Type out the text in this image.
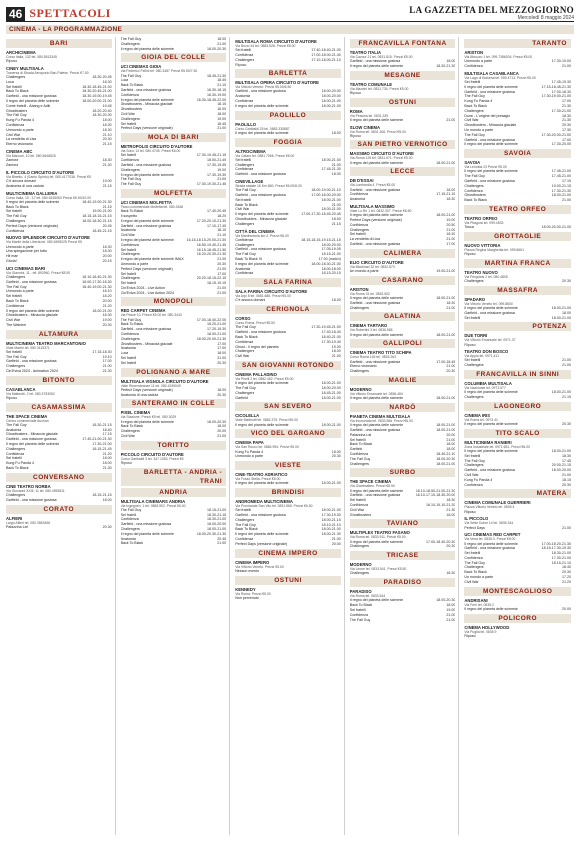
46 SPETTACOLI	LA GAZZETTA DEL MEZZOGIORNO
Mercoledì 8 maggio 2024
CINEMA - LA PROGRAMMAZIONE
BARI
ARCHICINEMA
Corso Italia, 132 tel. 080.5513345
Riposo
CINEY MULTISALA
Traversa di Strada Aeroporto Bari-Palese. Prezzi €7.50
Challengers	18.30-20.45
Luca	18.30
Sei fratelli	18.30-18.45-21.00
Back To Black	18.30-20.45-21.00
Garfield - una missione gustosa	18.30-19.00-19.45
Il regno del pianeta delle scimmie	18.00-20.00-21.00
Come fratelli - Abang e Adik	19.45
Ghostbusters	18.20-20.40
The Fall Guy	18.30-20.30
Kung Fu Panda 4	18.00
Confidenza	18.30
Unmondo a parte	18.30
Civil War	21.10
La vendetta di Lisa	20.30
Eterno visionario	21.15
CINEMA ABC
Via Marconi, 10 tel. 080.5648826
Zamora	18.30
Zamora	21.30
IL PICCOLO CIRCUITO D'AUTORE
Via Binetto, 4 (Santo Spirito) tel. 080.4177036. Prezzi €5
C'è ancora domani	19.00
Anatomia di una caduta	21.15
MULTICINEMA GALLERIA
Corso Italia, 15 - 17 tel. 080.5245063 Prezzi €6.50/10.00
Il regno del pianeta delle scimmie	18.40-19.00-21.30
Back To Black	21.15
Sei fratelli	19.00-21.00
The Fall Guy	18.15-18.15-21.15
Challengers	18.00-18.30-21.15
Perfect Days (versione originale)	20.45
Confidenza	18.45-21.15
NUOVO SPLENDOR CIRCUITO D'AUTORE
Via Martiri della Libertà tel. 080.5495028 Prezzi €5
Unmondo a parte	18.30
Una spiegazione per tutto	18.30
Hit man	20.00
Gloria!	20.15
UCI CINEMAS BARI
Via Giannini, 11 - tel. 892960. Prezzi €8.50
Challengers	16.10-18.40-21.30
Garfield - una missione gustosa	16.00-17.30-18.30
The Fall Guy	16.40-19.00-21.30
Unmondo a parte	18.10
Sei fratelli	18.20
Back To Black	20.00
Confidenza	21.20
Il regno del pianeta delle scimmie	18.00-21.00
Ghostbusters - Minaccia glaciale	16.30
Civil War	19.00
The Watcher	20.30
ALTAMURA
MULTICINEMA TEATRO MARCANTONIO
Viale Martiri tel. 080.3115371
Sei fratelli	17.15-18.30
The Fall Guy	19.10
Garfield - una missione gustosa	17.00
Challengers	21.00
Cin'Eviva 2024 - Animation 2024	21.30
BITONTO
CASABLANCA
Via Matteotti, 2 tel. 080.3753052
Riposo
CASAMASSIMA
THE SPACE CINEMA
Centro commerciale Auchan
The Fall Guy	18.30-21.15
Anatomia	18.40
Ghostbusters - Minaccia glaciale	17.15
Garfield - una missione gustosa	17.40-21.00-21.30
Il regno del pianeta delle scimmie	17.30-21.00
Challengers	18.15-21.45
Confidenza	21.20
Sei fratelli	18.00
Kung Fu Panda 4	18.00
Back To Black	21.30
CONVERSANO
CINE TEATRO NORBA
Via Giovanni XXIII, 11 tel. 080.4953511
Challengers	18.15-21.15
Garfield - una missione gustosa	18.00
CORATO
ALFIERI
Largo Alfieri tel. 080.3583456
Palazzina Laf	20.30
The Fall Guy	18.00
Challengers	21.00
Il regno del pianeta delle scimmie	18.00-20.30
GIOIA DEL COLLE
UCI CINEMAS GIOIA
Via Federico Fellini tel. 080.3487 Prezzi €5.50/7.50
The Fall Guy	18.45-21.30
Luca	18.45
Back To Black	21.10
Garfield - una missione gustosa	16.30-18.15
Confidenza	16.30-19.00
Il regno del pianeta delle scimmie	16.30-18.45-22.00
Ghostbusters - Minaccia glaciale	18.15
Ghostbusters	16.00
Civil War	18.00
Challengers	19.00
Sei fratelli	18.45
Perfect Days (versione originale)	21.00
MOLA DI BARI
METROPOLIS CIRCUITO D'AUTORE
Via Sono 13 tel. 080.4745. Prezzi €6.00
Sei fratelli	17.30-19.45-21.15
Confidenza	18.00-21.45
Garfield - una missione gustosa	17.30-19.45
Challengers	19.00
Il regno del pianeta delle scimmie	17.30-19.30
The Fall Guy	21.00
The Fall Guy	17.00-19.30-21.45
MOLFETTA
UCI CINEMAS MOLFETTA
Parco commerciale Molfetta tel. 080.3348
Back To Black	17.40-20.45
Il sospetto	18.20
Il regno del pianeta delle scimmie	17.20-20.10-21.30
Garfield - una missione gustosa	17.10-17.45
Anatomia	18.10
Civil War	21.10
Il regno del pianeta delle scimmie	16.15-18.15-20.00-21.30
Confidenza	16.50-19.40-21.45
Sei fratelli	16.15-18.45-21.50
Challengers	16.20-20.30-21.30
Il regno del pianeta delle scimmie IMAX	21.00
Unmondo a parte	20.30
Perfect Days (versione originale)	21.00
Sei fratelli	17.00
Challengers	20.20-18.15-22.15
Sei fratelli	18.15-19.15
Cin'Eviva 2024 - Live Action	21.00
Cin'Eviva 2024 - Live Action 2024	21.00
MONOPOLI
RED CARPET CINEMA
Via Pesce 10. Prezzi €5.00 tel. 080.3443
The Fall Guy	17.00-18.40-22.00
Back To Black	18.20-21.00
Garfield - una missione gustosa	17.20-19.30
Confidenza	18.00-21.00
Challengers	18.00-20.00-21.30
Ghostbusters - Minaccia glaciale	17.00
Anatomia	17.00
Luca	18.00
Sei fratelli	21.00
Sei fratelli	20.30
POLIGNANO A MARE
MULTISALA VIGNOLA CIRCUITO D'AUTORE
Viale Rimembranze 11 tel. 080.4249049
Perfect Days (versione originale)	18.00
Anatomia di una caduta	20.30
SANTERAMO IN COLLE
PIXEL CINEMA
Via Stazione. Prezzi €5 tel. 080.3029
Il regno del pianeta delle scimmie	18.00-20.30
Back To Black	18.00
Challengers	20.00
Civil War	21.00
TORITTO
PICCOLO CIRCUITO D'AUTORE
Corso Garibaldi 3 tel. 347.1053. Prezzi €5
Riposo
BARLETTA - ANDRIA - TRANI
ANDRIA
MULTISALA CINEMARS ANDRIA
Via Ingegneri, 1 tel. 0883.592. Prezzi €6.00
The Fall Guy	18.15-21.00
Sei fratelli	18.30-21.15
Confidenza	18.30-21.00
Garfield - una missione gustosa	18.00-20.00
Challengers	18.00-21.00
Il regno del pianeta delle scimmie	18.00-20.30-21.30
Anatomia	20.45
Back To Black	21.00
MULTISALA ROMA CIRCUITO D'AUTORE
Via Bovio 44 tel. 0883.528. Prezzi €5.00
Sei fratelli	17.40-18.40-21.00
Confidenza	17.00-18.00-21.40
Challengers	17.10-18.00-21.10
Riposo
BARLETTA
MULTISALA OPERA CIRCUITO D'AUTORE
Via Vittorio Veneto. Prezzi €5.00/6.50
Garfield - una missione gustosa	18.00-20.00
Anatomia	18.00-20.00
Confidenza	18.00-21.00
Il regno del pianeta delle scimmie	18.00-21.00
PAOLILLO
PAOLILLO
Corso Garibaldi 25 tel. 0883.335887
Il regno del pianeta delle scimmie	18.00
FOGGIA
ALTROCINEMA
Via Cafaro tel. 0881.7066. Prezzi €5.00
Sei fratelli	18.00-21.00
Challengers	21.00
Confidenza	17.45-21.30
Garfield - una missione gustosa	18.00
CINEVILLAGE
Strada statale 16 Km 680. Prezzi €6.00/8.00
The Fall Guy	18.00-19.00-21.10
Garfield - una missione gustosa	17.00-18.00-20.00
Sei fratelli	18.00-21.00
Back To Black	21.00
Civil War	18.00-21.00
Il regno del pianeta delle scimmie	17.00-17.30-18.45-20.45
Ghostbusters - Minaccia glaciale	18.00
Challengers	21.15
CITTÀ DEL CINEMA
Via Manfredonia km 2. Prezzi €6.00
Confidenza	18.15-18.15-19.15-21.15
Challengers	18.00-20.00
Garfield - una missione gustosa	17.05-19.05
The Fall Guy	18.15-21.00
Back To Black IX	17.00 (match)
Il regno del pianeta delle scimmie	18.00-18.30-21.00
Anatomia	18.00-18.00
Confidenza	18.15-20.15
SALA FARINA
SALA FARINA CIRCUITO D'AUTORE
Via Arpi 8 tel. 0881.686. Prezzi €5.00
C'è ancora domani	18.00
CERIGNOLA
CORSO
Corso Roma. Prezzi €5.50
The Fall Guy	17.30-19.45-21.00
Garfield - una missione gustosa	17.40-18.40
Back To Black	18.40-21.00
Confidenza	17.30-19.40
Ghost - Il regno del pianeta	19.30
Challengers	18.00
Civil War	21.00
SAN GIOVANNI ROTONDO
CINEMA PALLADINO
Via Pirelli 2 tel. 0882.452. Prezzi €5.00
Il regno del pianeta delle scimmie	18.00-21.00
The Fall Guy	18.00-20.00
Challengers	18.45-21.00
Garfield	18.00-21.00
SAN SEVERO
CICOLELLA
Viale Matteotti tel. 0882.375. Prezzi €5.00
Il regno del pianeta delle scimmie	18.00-21.00
VICO DEL GARGANO
CINEMA PAPA
Via San Rocco tel. 0884.994. Prezzi €5.00
Kung Fu Panda 4	18.00
Unmondo a parte	20.30
VIESTE
CINE-TEATRO ADRIATICO
Via Fosso Stella. Prezzi €5.00
Il regno del pianeta delle scimmie	18.00-21.00
BRINDISI
ANDROMEDA MULTICINEMA
Via Provinciale San Vito tel. 0831.565. Prezzi €6.50
Sei fratelli	18.00-21.00
Garfield - una missione gustosa	17.30-19.30
Challengers	18.00-21.15
The Fall Guy	18.10-21.10
Back To Black	18.00-21.00
Il regno del pianeta delle scimmie	18.00-21.30
Confidenza	21.00
Perfect Days (versione originale)	20.00
CINEMA IMPERO
CINEMA IMPERO
Via Vittorio Veneto. Prezzi €5.00
Nessun evento
OSTUNI
KENNEDY
Via Roma. Prezzi €5.00
Non pervenuto
FRANCAVILLA FONTANA
TEATRO ITALIA
Via Cavour 21 tel. 0831.815. Prezzi €5.00
Garfield - una missione gustosa	18.00
Il regno del pianeta delle scimmie	18.30-21.30
MESAGNE
TEATRO COMUNALE
Via Mazzini tel. 0831.734. Prezzi €5.00
Riposo
OSTUNI
ROMA
Via Pessina tel. 0831.339
Il regno del pianeta delle scimmie	21.00
SLOW CINEMA
Via Roma tel. 0831.306. Prezzi €5.00
Riposo
SAN PIETRO VERNOTICO
MASSIMO CIRCUITO D'AUTORE
Via Roma 125 tel. 0831.671. Prezzi €5.00
Il regno del pianeta delle scimmie	18.00-21.00
LECCE
DB D'ESSAI
Via Lombardia 4. Prezzi €5.00
Garfield - una missione gustosa	18.00
Confidenza	17.15-21.15
Anatomia	18.30
MULTISALA MASSIMO
Viale Lo Re 1 tel. 0832.307. Prezzi €6.50
Il regno del pianeta delle scimmie	18.00-21.00
Perfect Days (versione originale)	19.00
Confidenza	20.50
Challengers	21.00
Sei fratelli	18.30
La vendetta di Lisa	21.00
Garfield - una missione gustosa	17.00
CALIMERA
ELIO CIRCUITO D'AUTORE
Via Montinari 32 tel. 0832.873
Un mondo a parte	19.00-21.00
CASARANO
ARISTON
Via Roma 31 tel. 0833.502
Il regno del pianeta delle scimmie	18.00-21.00
Garfield - una missione gustosa	18.30
Challengers	21.00
GALATINA
CINEMA TARTARO
Via Robertini 3 tel. 0836.568
Il regno del pianeta delle scimmie	18.00-21.00
GALLIPOLI
CINEMA TEATRO TITO SCHIPA
Corso Roma 145 tel. 0833.263
Garfield - una missione gustosa	17.00-18.45
Eterno visionario	21.00
Challengers	20.30
MAGLIE
MODERNO
Via Vittorio Emanuele tel. 0836.484
Il regno del pianeta delle scimmie	18.00-21.00
NARDÒ
PIANETA CINEMA MULTISALA
Via Incoronata tel. 0833.566. Prezzi €6.00
Il regno del pianeta delle scimmie	18.00-21.00
Garfield - una missione gustosa	18.00-21.00
Palazzina Laf	20.00
Sei fratelli	21.00
Back To Black	18.00
Garfield	18.00
Confidenza	18.40-21.10
The Fall Guy	18.00-20.30
Challengers	18.00-21.00
SURBO
THE SPACE CINEMA
Via Giammatteo. Prezzi €8.50
Il regno del pianeta delle scimmie	18.10-18.50-21.00-21.30
Garfield - una missione gustosa	16.10-17.10-18.30-20.00
Sei fratelli	18.30
Confidenza	16.10-19.10-21.20
Civil War	21.30
Ghostbusters	18.00
TAVIANO
MULTIPLEX TEATRO FASANO
Via Roma tel. 0833.911. Prezzi €5.00
Il regno del pianeta delle scimmie	17.00-18.40-20.30
Challengers	20.30
TRICASE
MODERNO
Via Leone tel. 0833.541. Prezzi €5.50
Challengers	18.30
PARADISO
PARADISO
Via Roma tel. 0833.544
Il regno del pianeta delle scimmie	18.00-20.30
Back To Black	18.00
Sei fratelli	19.00
Confidenza	21.00
The Fall Guy	21.00
TARANTO
ARISTON
Via Abruzzo 1 tel. 099.7386034. Prezzi €5.00
Unmondo a parte	17.30-19.00
Confidenza	21.00
MULTISALA CASABLANCA
Via Lago di Bolsena tel. 099.4713. Prezzi €6.00
Sei fratelli	17.45-19.30
Il regno del pianeta delle scimmie	17.15-18.45-21.30
Garfield - una missione gustosa	17.00-18.30
The Fall Guy	17.30-19.00-21.00
Kung Fu Panda 4	17.00
Back To Black	21.30
Challengers	17.30-21.00
Dune - L'origine del presagio	18.30
Civil War	21.30
Ghostbusters - Minaccia glaciale	20.30
Un mondo a parte	17.30
The Fall Guy	17.30-20.00-21.00
Garfield - una missione gustosa	17.00
Il regno del pianeta delle scimmie	17.30-20.00
SAVOIA
SAVOIA
Via Leonida 23 Prezzi €5.00
Il regno del pianeta delle scimmie	17.45-21.00
The Fall Guy	17.45-21.00
Garfield - una missione gustosa	17.15
Challengers	19.00-21.15
Confidenza	17.30-21.30
Ghostbusters	18.00-21.00
Back To Black	21.00
TEATRO ORFEO
TEATRO ORFEO
Via Pitagora tel. 099.4533
Tosca	18.00-20.00-21.00
GROTTAGLIE
NUOVO VITTORIA
Piazza Regina Margherita tel. 099.5661
Riposo
MARTINA FRANCA
TEATRO NUOVO
Via Pergolesi 2 tel. 080.4805
Challengers	20.30
MASSAFRA
SPADARO
Via Vittorio Veneto tel. 099.8800
Il regno del pianeta delle scimmie	18.00-21.00
Garfield - una missione gustosa	18.00
Sei fratelli	18.00-21.00
POTENZA
DUE TORRI
Via Vittorio Emanuele tel. 0971.37
Riposo
TEATRO DON BOSCO
Via Appia tel. 0971.411
Sei fratelli	21.00
Challengers	21.00
FRANCAVILLA IN SINNI
COLUMBIA MULTISALA
Via Nazionale tel. 0973.577
Il regno del pianeta delle scimmie	18.00-21.00
Challengers	21.15
LAGONEGRO
CINEMA IRIS
Via Roma tel. 0973.41
Il regno del pianeta delle scimmie	20.30
TITO SCALO
MULTICINEMA RANIERI
Zona Industriale tel. 0971.651. Prezzi €6.00
Il regno del pianeta delle scimmie	18.00-21.00
Sei fratelli	18.30
The Fall Guy	17.45
Challengers	20.00-21.15
Garfield - una missione gustosa	18.00-20.00
Civil War	21.00
Kung Fu Panda 4	18.15
Confidenza	20.30
MATERA
CINEMA COMUNALE GUERRIERI
Piazza Vittorio Veneto tel. 0835.3
Riposo
IL PICCOLO
Via Sette Dolori 14 tel. 0835.344
Perfect Days	21.00
UCI CINEMAS RED CARPET
Via Vena tel. 0835.3. Prezzi €8.00
Il regno del pianeta delle scimmie	17.00-18.20-21.30
Garfield - una missione gustosa	18.15-17.30-19.30
Sei fratelli	18.30-21.00
Confidenza	17.30-21.00
The Fall Guy	18.15-21.10
Challengers	18.40
Back To Black	20.30
Un mondo a parte	17.20
Civil War	21.20
MONTESCAGLIOSO
ANDRISANI
Via Ferri tel. 0835.2
Il regno del pianeta delle scimmie	20.00
POLICORO
CINEMA HOLLYWOOD
Via Puglia tel. 0835.9
Riposo
